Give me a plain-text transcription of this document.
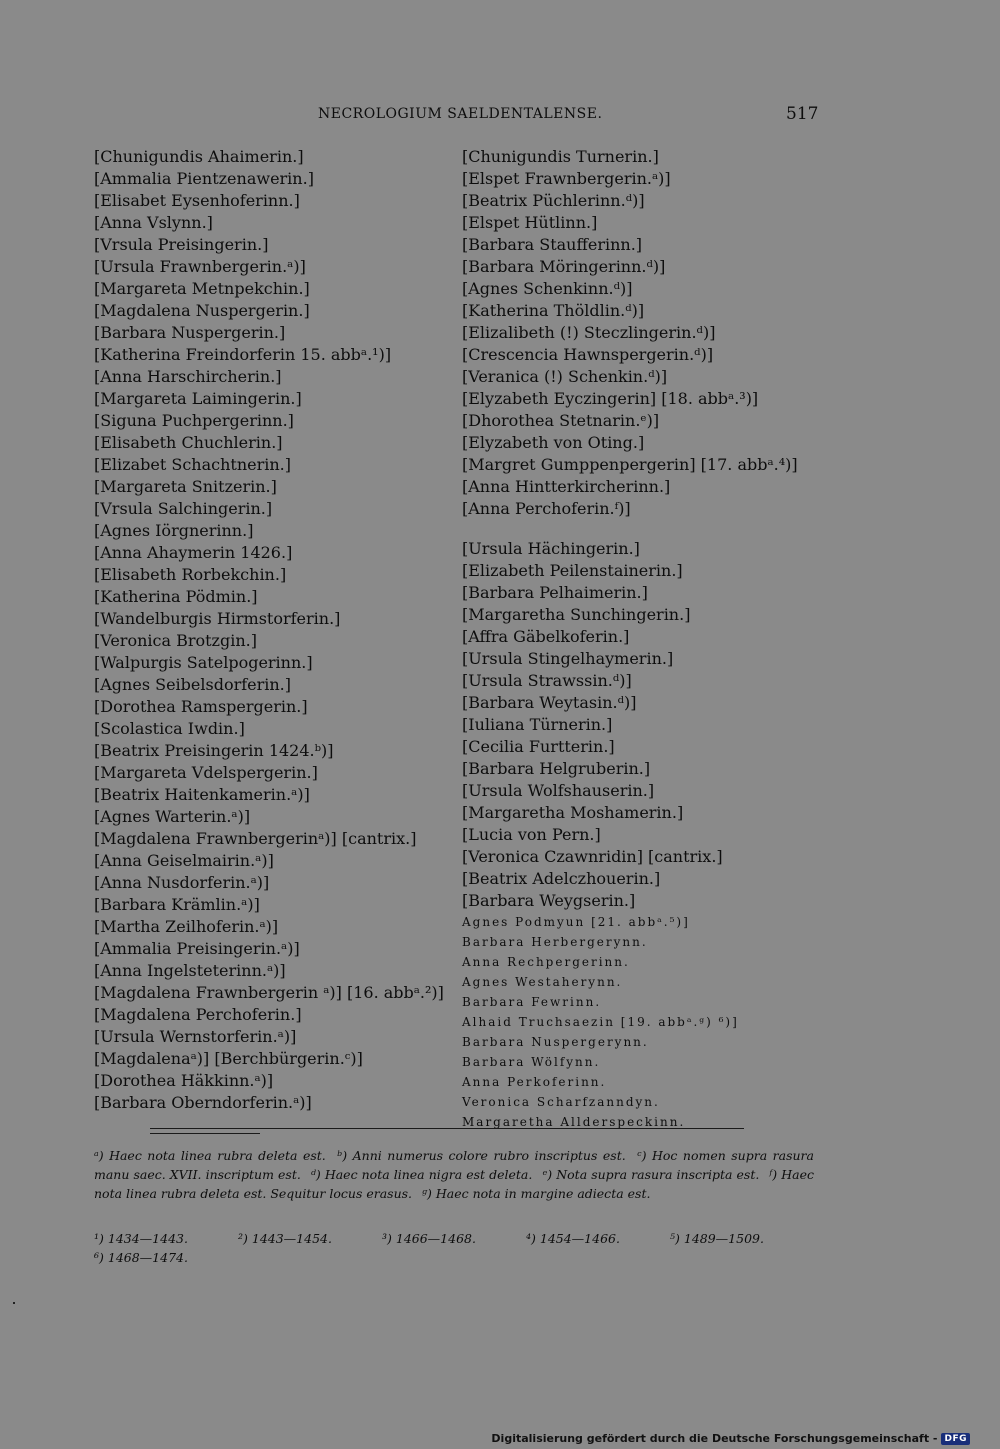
NECROLOGIUM SAELDENTALENSE.	517
[Chunigundis Ahaimerin.]
[Ammalia Pientzenawerin.]
[Elisabet Eysenhoferinn.]
[Anna Vslynn.]
[Vrsula Preisingerin.]
[Ursula Frawnbergerin.ᵃ)]
[Margareta Metnpekchin.]
[Magdalena Nuspergerin.]
[Barbara Nuspergerin.]
[Katherina Freindorferin 15. abbᵃ.¹)]
[Anna Harschircherin.]
[Margareta Laimingerin.]
[Siguna Puchpergerinn.]
[Elisabeth Chuchlerin.]
[Elizabet Schachtnerin.]
[Margareta Snitzerin.]
[Vrsula Salchingerin.]
[Agnes Iörgnerinn.]
[Anna Ahaymerin 1426.]
[Elisabeth Rorbekchin.]
[Katherina Pödmin.]
[Wandelburgis Hirmstorferin.]
[Veronica Brotzgin.]
[Walpurgis Satelpogerinn.]
[Agnes Seibelsdorferin.]
[Dorothea Ramspergerin.]
[Scolastica Iwdin.]
[Beatrix Preisingerin 1424.ᵇ)]
[Margareta Vdelspergerin.]
[Beatrix Haitenkamerin.ᵃ)]
[Agnes Warterin.ᵃ)]
[Magdalena Frawnbergerinᵃ)] [cantrix.]
[Anna Geiselmairin.ᵃ)]
[Anna Nusdorferin.ᵃ)]
[Barbara Krämlin.ᵃ)]
[Martha Zeilhoferin.ᵃ)]
[Ammalia Preisingerin.ᵃ)]
[Anna Ingelsteterinn.ᵃ)]
[Magdalena Frawnbergerin ᵃ)] [16. abbᵃ.²)]
[Magdalena Perchoferin.]
[Ursula Wernstorferin.ᵃ)]
[Magdalenaᵃ)] [Berchbürgerin.ᶜ)]
[Dorothea Häkkinn.ᵃ)]
[Barbara Oberndorferin.ᵃ)]
[Chunigundis Turnerin.]
[Elspet Frawnbergerin.ᵃ)]
[Beatrix Püchlerinn.ᵈ)]
[Elspet Hütlinn.]
[Barbara Staufferinn.]
[Barbara Möringerinn.ᵈ)]
[Agnes Schenkinn.ᵈ)]
[Katherina Thöldlin.ᵈ)]
[Elizalibeth (!) Steczlingerin.ᵈ)]
[Crescencia Hawnspergerin.ᵈ)]
[Veranica (!) Schenkin.ᵈ)]
[Elyzabeth Eyczingerin] [18. abbᵃ.³)]
[Dhorothea Stetnarin.ᵉ)]
[Elyzabeth von Oting.]
[Margret Gumppenpergerin] [17. abbᵃ.⁴)]
[Anna Hintterkircherinn.]
[Anna Perchoferin.ᶠ)]
[Ursula Hächingerin.]
[Elizabeth Peilenstainerin.]
[Barbara Pelhaimerin.]
[Margaretha Sunchingerin.]
[Affra Gäbelkoferin.]
[Ursula Stingelhaymerin.]
[Ursula Strawssin.ᵈ)]
[Barbara Weytasin.ᵈ)]
[Iuliana Türnerin.]
[Cecilia Furtterin.]
[Barbara Helgruberin.]
[Ursula Wolfshauserin.]
[Margaretha Moshamerin.]
[Lucia von Pern.]
[Veronica Czawnridin] [cantrix.]
[Beatrix Adelczhouerin.]
[Barbara Weygserin.]
Agnes Podmyun [21. abbᵃ.⁵)]
Barbara Herbergerynn.
Anna Rechpergerinn.
Agnes Westaherynn.
Barbara Fewrinn.
Alhaid Truchsaezin [19. abbᵃ.ᵍ) ⁶)]
Barbara Nuspergerynn.
Barbara Wölfynn.
Anna Perkoferinn.
Veronica Scharfzanndyn.
Margaretha Allderspeckinn.
ᵃ) Haec nota linea rubra deleta est. ᵇ) Anni numerus colore rubro inscriptus est. ᶜ) Hoc nomen supra rasura manu saec. XVII. inscriptum est. ᵈ) Haec nota linea nigra est deleta. ᵉ) Nota supra rasura inscripta est. ᶠ) Haec nota linea rubra deleta est. Sequitur locus erasus. ᵍ) Haec nota in margine adiecta est.
¹) 1434—1443.	²) 1443—1454.	³) 1466—1468.	⁴) 1454—1466.	⁵) 1489—1509.
⁶) 1468—1474.
Digitalisierung gefördert durch die Deutsche Forschungsgemeinschaft - DFG
